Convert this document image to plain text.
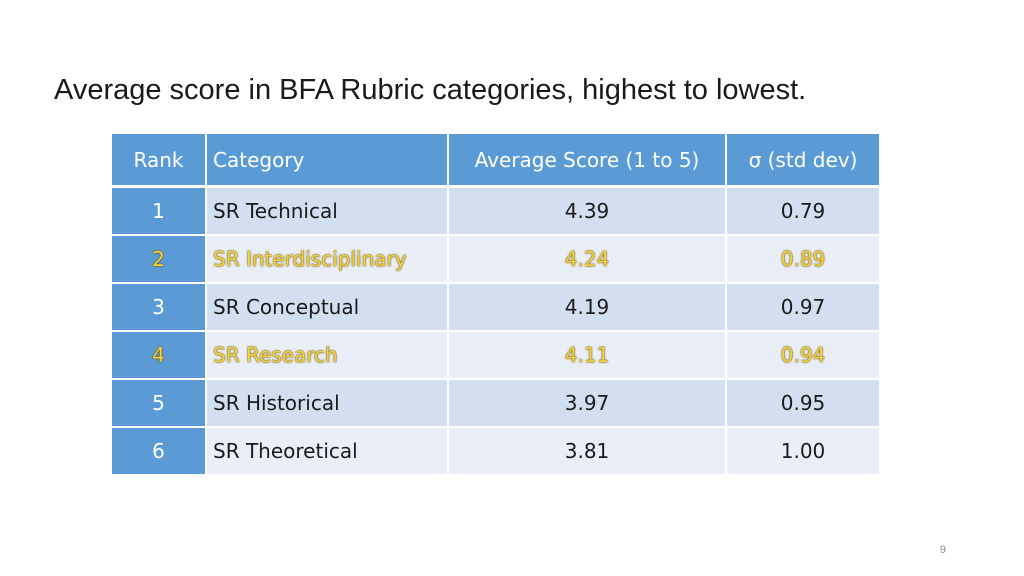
Average score in BFA Rubric categories, highest to lowest.
Rank	Category	Average Score (1 to 5)	σ (std dev)
1	SR Technical	4.39	0.79
2	SR Interdisciplinary	4.24	0.89
3	SR Conceptual	4.19	0.97
4	SR Research	4.11	0.94
5	SR Historical	3.97	0.95
6	SR Theoretical	3.81	1.00
9
